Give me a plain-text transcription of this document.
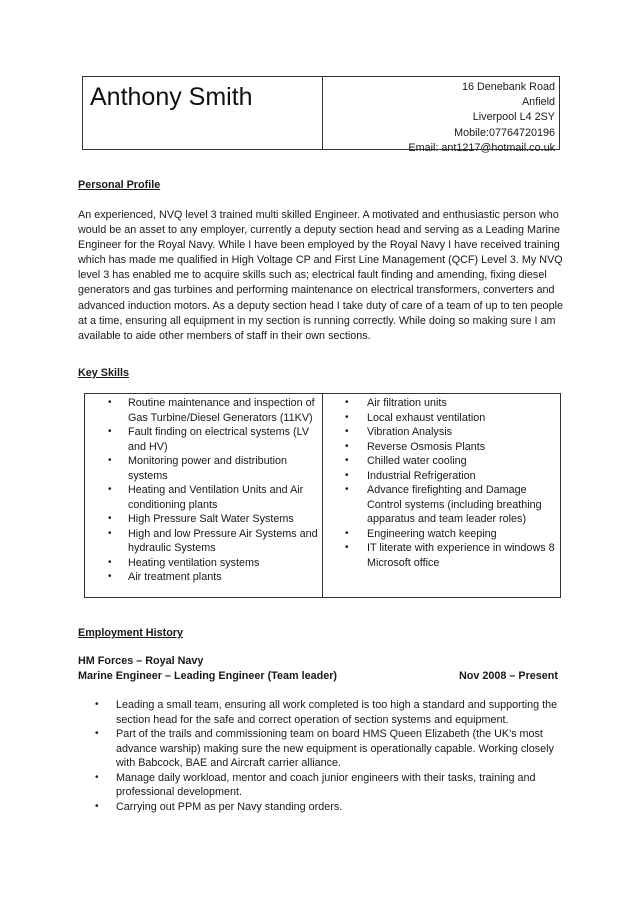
Anthony Smith	16 Denebank Road
Anfield
Liverpool L4 2SY
Mobile:07764720196
Email: ant1217@hotmail.co.uk
Personal Profile
An experienced, NVQ level 3 trained multi skilled Engineer. A motivated and enthusiastic person who would be an asset to any employer, currently a deputy section head and serving as a Leading Marine Engineer for the Royal Navy. While I have been employed by the Royal Navy I have received training which has made me qualified in High Voltage CP and First Line Management (QCF) Level 3. My NVQ level 3 has enabled me to acquire skills such as; electrical fault finding and amending, fixing diesel generators and gas turbines and performing maintenance on electrical transformers, converters and advanced induction motors. As a deputy section head I take duty of care of a team of up to ten people at a time, ensuring all equipment in my section is running correctly. While doing so making sure I am available to aide other members of staff in their own sections.
Key Skills
• Routine maintenance and inspection of Gas Turbine/Diesel Generators (11KV)
• Fault finding on electrical systems (LV and HV)
• Monitoring power and distribution systems
• Heating and Ventilation Units and Air conditioning plants
• High Pressure Salt Water Systems
• High and low Pressure Air Systems and hydraulic Systems
• Heating ventilation systems
• Air treatment plants
• Air filtration units
• Local exhaust ventilation
• Vibration Analysis
• Reverse Osmosis Plants
• Chilled water cooling
• Industrial Refrigeration
• Advance firefighting and Damage Control systems (including breathing apparatus and team leader roles)
• Engineering watch keeping
• IT literate with experience in windows 8 Microsoft office
Employment History
HM Forces – Royal Navy
Marine Engineer – Leading Engineer (Team leader)	Nov 2008 – Present
• Leading a small team, ensuring all work completed is too high a standard and supporting the section head for the safe and correct operation of section systems and equipment.
• Part of the trails and commissioning team on board HMS Queen Elizabeth (the UK's most advance warship) making sure the new equipment is operationally capable. Working closely with Babcock, BAE and Aircraft carrier alliance.
• Manage daily workload, mentor and coach junior engineers with their tasks, training and professional development.
• Carrying out PPM as per Navy standing orders.
